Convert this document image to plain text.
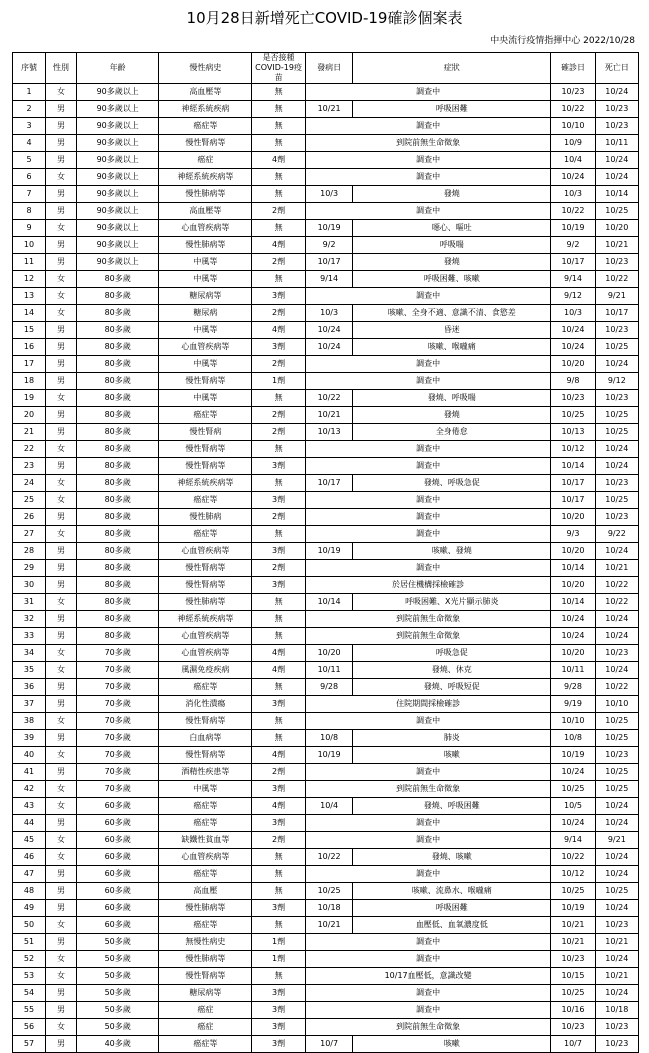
10月28日新增死亡COVID-19確診個案表
中央流行疫情指揮中心 2022/10/28
序號	性別	年齡	慢性病史	是否接種
COVID-19疫苗	發病日	症狀	確診日	死亡日
1	女	90多歲以上	高血壓等	無	調查中		10/23	10/24
2	男	90多歲以上	神經系統疾病	無	10/21	呼吸困難	10/22	10/23
3	男	90多歲以上	癌症等	無	調查中		10/10	10/23
4	男	90多歲以上	慢性腎病等	無	到院前無生命徵象		10/9	10/11
5	男	90多歲以上	癌症	4劑	調查中		10/4	10/24
6	女	90多歲以上	神經系統疾病等	無	調查中		10/24	10/24
7	男	90多歲以上	慢性肺病等	無	10/3	發燒	10/3	10/14
8	男	90多歲以上	高血壓等	2劑	調查中		10/22	10/25
9	女	90多歲以上	心血管疾病等	無	10/19	噁心、嘔吐	10/19	10/20
10	男	90多歲以上	慢性肺病等	4劑	9/2	呼吸喘	9/2	10/21
11	男	90多歲以上	中風等	2劑	10/17	發燒	10/17	10/23
12	女	80多歲	中風等	無	9/14	呼吸困難、咳嗽	9/14	10/22
13	女	80多歲	糖尿病等	3劑	調查中		9/12	9/21
14	女	80多歲	糖尿病	2劑	10/3	咳嗽、全身不適、意識不清、食慾差	10/3	10/17
15	男	80多歲	中風等	4劑	10/24	昏迷	10/24	10/23
16	男	80多歲	心血管疾病等	3劑	10/24	咳嗽、喉嚨痛	10/24	10/25
17	男	80多歲	中風等	2劑	調查中		10/20	10/24
18	男	80多歲	慢性腎病等	1劑	調查中		9/8	9/12
19	女	80多歲	中風等	無	10/22	發燒、呼吸喘	10/23	10/23
20	男	80多歲	癌症等	2劑	10/21	發燒	10/25	10/25
21	男	80多歲	慢性腎病	2劑	10/13	全身倦怠	10/13	10/25
22	女	80多歲	慢性腎病等	無	調查中		10/12	10/24
23	男	80多歲	慢性腎病等	3劑	調查中		10/14	10/24
24	女	80多歲	神經系統疾病等	無	10/17	發燒、呼吸急促	10/17	10/23
25	女	80多歲	癌症等	3劑	調查中		10/17	10/25
26	男	80多歲	慢性肺病	2劑	調查中		10/20	10/23
27	女	80多歲	癌症等	無	調查中		9/3	9/22
28	男	80多歲	心血管疾病等	3劑	10/19	咳嗽、發燒	10/20	10/24
29	男	80多歲	慢性腎病等	2劑	調查中		10/14	10/21
30	男	80多歲	慢性腎病等	3劑	於居住機構採檢確診		10/20	10/22
31	女	80多歲	慢性肺病等	無	10/14	呼吸困難、X光片顯示肺炎	10/14	10/22
32	男	80多歲	神經系統疾病等	無	到院前無生命徵象		10/24	10/24
33	男	80多歲	心血管疾病等	無	到院前無生命徵象		10/24	10/24
34	女	70多歲	心血管疾病等	4劑	10/20	呼吸急促	10/20	10/23
35	女	70多歲	風濕免疫疾病	4劑	10/11	發燒、休克	10/11	10/24
36	男	70多歲	癌症等	無	9/28	發燒、呼吸短促	9/28	10/22
37	男	70多歲	消化性潰瘍	3劑	住院期間採檢確診		9/19	10/10
38	女	70多歲	慢性腎病等	無	調查中		10/10	10/25
39	男	70多歲	白血病等	無	10/8	肺炎	10/8	10/25
40	女	70多歲	慢性腎病等	4劑	10/19	咳嗽	10/19	10/23
41	男	70多歲	酒精性疾患等	2劑	調查中		10/24	10/25
42	女	70多歲	中風等	3劑	到院前無生命徵象		10/25	10/25
43	女	60多歲	癌症等	4劑	10/4	發燒、呼吸困難	10/5	10/24
44	男	60多歲	癌症等	3劑	調查中		10/24	10/24
45	女	60多歲	缺鐵性貧血等	2劑	調查中		9/14	9/21
46	女	60多歲	心血管疾病等	無	10/22	發燒、咳嗽	10/22	10/24
47	男	60多歲	癌症等	無	調查中		10/12	10/24
48	男	60多歲	高血壓	無	10/25	咳嗽、流鼻水、喉嚨痛	10/25	10/25
49	男	60多歲	慢性肺病等	3劑	10/18	呼吸困難	10/19	10/24
50	女	60多歲	癌症等	無	10/21	血壓低、血氧濃度低	10/21	10/23
51	男	50多歲	無慢性病史	1劑	調查中		10/21	10/21
52	女	50多歲	慢性肺病等	1劑	調查中		10/23	10/24
53	女	50多歲	慢性腎病等	無	10/17血壓低，意識改變		10/15	10/21
54	男	50多歲	糖尿病等	3劑	調查中		10/25	10/24
55	男	50多歲	癌症	3劑	調查中		10/16	10/18
56	女	50多歲	癌症	3劑	到院前無生命徵象		10/23	10/23
57	男	40多歲	癌症等	3劑	10/7	咳嗽	10/7	10/23
